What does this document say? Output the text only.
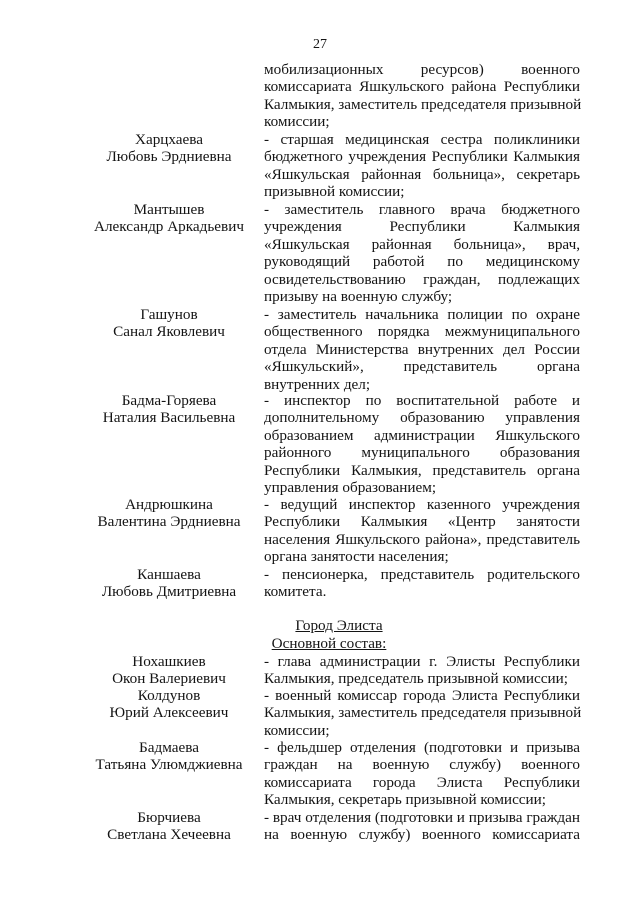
27
мобилизационных ресурсов) военного
комиссариата Яшкульского района Республики
Калмыкия, заместитель председателя призывной
комиссии;
Харцхаева
Любовь Эрдниевна
- старшая медицинская сестра поликлиники
бюджетного учреждения Республики Калмыкия
«Яшкульская районная больница», секретарь
призывной комиссии;
Мантышев
Александр Аркадьевич
- заместитель главного врача бюджетного
учреждения Республики Калмыкия
«Яшкульская районная больница», врач,
руководящий работой по медицинскому
освидетельствованию граждан, подлежащих
призыву на военную службу;
Гашунов
Санал Яковлевич
- заместитель начальника полиции по охране
общественного порядка межмуниципального
отдела Министерства внутренних дел России
«Яшкульский», представитель органа
внутренних дел;
Бадма-Горяева
Наталия Васильевна
- инспектор по воспитательной работе и
дополнительному образованию управления
образованием администрации Яшкульского
районного муниципального образования
Республики Калмыкия, представитель органа
управления образованием;
Андрюшкина
Валентина Эрдниевна
- ведущий инспектор казенного учреждения
Республики Калмыкия «Центр занятости
населения Яшкульского района», представитель
органа занятости населения;
Каншаева
Любовь Дмитриевна
- пенсионерка, представитель родительского
комитета.
Город Элиста
Основной состав:
Нохашкиев
Окон Валериевич
- глава администрации г. Элисты Республики
Калмыкия, председатель призывной комиссии;
Колдунов
Юрий Алексеевич
- военный комиссар города Элиста Республики
Калмыкия, заместитель председателя призывной
комиссии;
Бадмаева
Татьяна Улюмджиевна
- фельдшер отделения (подготовки и призыва
граждан на военную службу) военного
комиссариата города Элиста Республики
Калмыкия, секретарь призывной комиссии;
Бюрчиева
Светлана Хечеевна
- врач отделения (подготовки и призыва граждан
на военную службу) военного комиссариата
